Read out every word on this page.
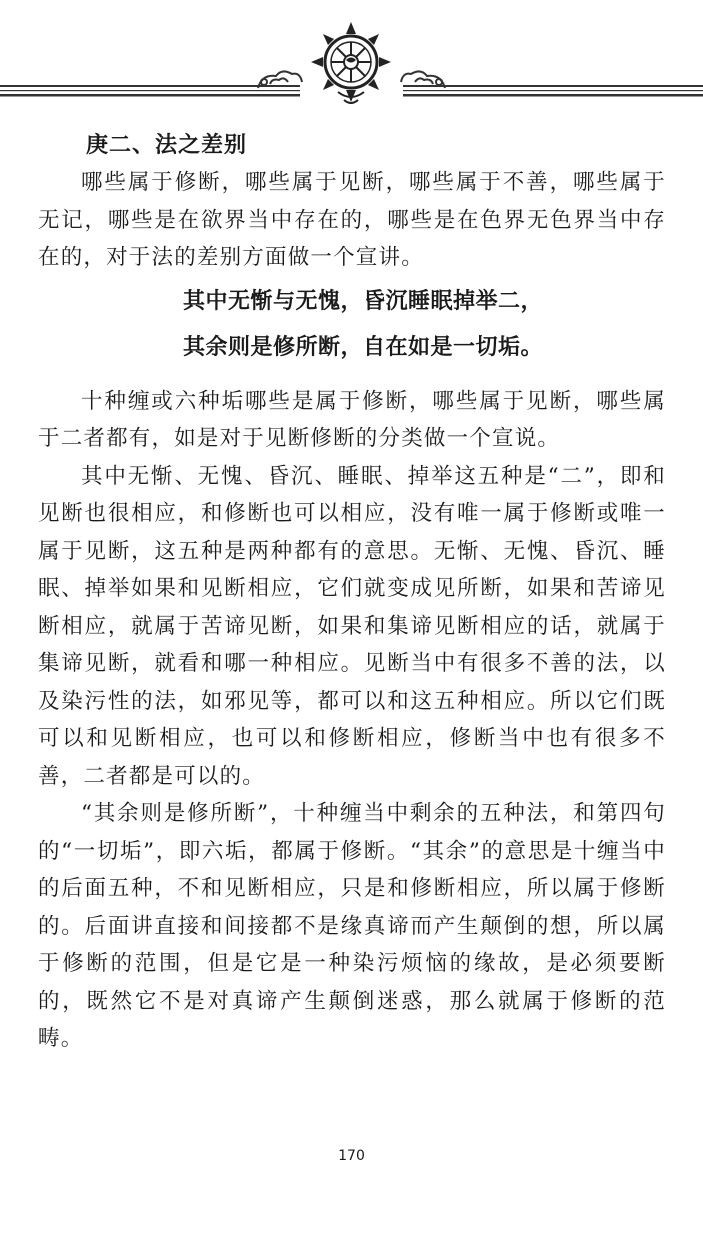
庚二、法之差别

哪些属于修断，哪些属于见断，哪些属于不善，哪些属于无记，哪些是在欲界当中存在的，哪些是在色界无色界当中存在的，对于法的差别方面做一个宣讲。

其中无惭与无愧，昏沉睡眠掉举二，

其余则是修所断，自在如是一切垢。

十种缠或六种垢哪些是属于修断，哪些属于见断，哪些属于二者都有，如是对于见断修断的分类做一个宣说。

其中无惭、无愧、昏沉、睡眠、掉举这五种是“二”，即和见断也很相应，和修断也可以相应，没有唯一属于修断或唯一属于见断，这五种是两种都有的意思。无惭、无愧、昏沉、睡眠、掉举如果和见断相应，它们就变成见所断，如果和苦谛见断相应，就属于苦谛见断，如果和集谛见断相应的话，就属于集谛见断，就看和哪一种相应。见断当中有很多不善的法，以及染污性的法，如邪见等，都可以和这五种相应。所以它们既可以和见断相应，也可以和修断相应，修断当中也有很多不善，二者都是可以的。

“其余则是修所断”，十种缠当中剩余的五种法，和第四句的“一切垢”，即六垢，都属于修断。“其余”的意思是十缠当中的后面五种，不和见断相应，只是和修断相应，所以属于修断的。后面讲直接和间接都不是缘真谛而产生颠倒的想，所以属于修断的范围，但是它是一种染污烦恼的缘故，是必须要断的，既然它不是对真谛产生颠倒迷惑，那么就属于修断的范畴。

170
